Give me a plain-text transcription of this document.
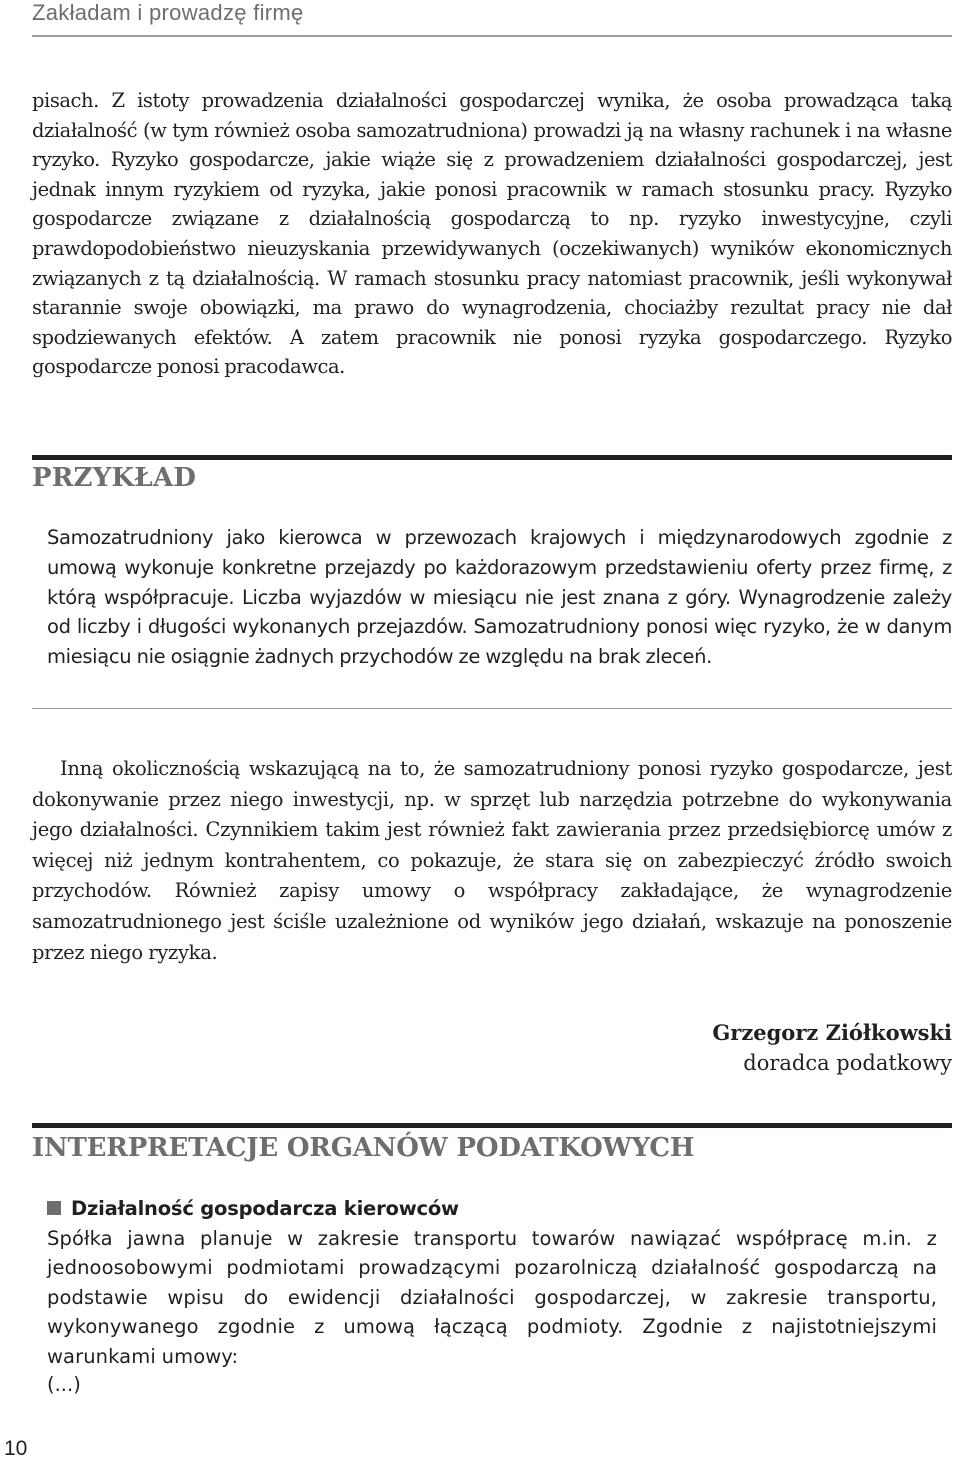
Zakładam i prowadzę firmę

pisach. Z istoty prowadzenia działalności gospodarczej wynika, że osoba prowadząca taką działalność (w tym również osoba samozatrudniona) prowadzi ją na własny rachunek i na własne ryzyko. Ryzyko gospodarcze, jakie wiąże się z prowadzeniem działalności gospodarczej, jest jednak innym ryzykiem od ryzyka, jakie ponosi pracownik w ramach stosunku pracy. Ryzyko gospodarcze związane z działalnością gospodarczą to np. ryzyko inwestycyjne, czyli prawdopodobieństwo nieuzyskania przewidywanych (oczekiwanych) wyników ekonomicznych związanych z tą działalnością. W ramach stosunku pracy natomiast pracownik, jeśli wykonywał starannie swoje obowiązki, ma prawo do wynagrodzenia, chociażby rezultat pracy nie dał spodziewanych efektów. A zatem pracownik nie ponosi ryzyka gospodarczego. Ryzyko gospodarcze ponosi pracodawca.

PRZYKŁAD

Samozatrudniony jako kierowca w przewozach krajowych i międzynarodowych zgodnie z umową wykonuje konkretne przejazdy po każdorazowym przedstawieniu oferty przez firmę, z którą współpracuje. Liczba wyjazdów w miesiącu nie jest znana z góry. Wynagrodzenie zależy od liczby i długości wykonanych przejazdów. Samozatrudniony ponosi więc ryzyko, że w danym miesiącu nie osiągnie żadnych przychodów ze względu na brak zleceń.

Inną okolicznością wskazującą na to, że samozatrudniony ponosi ryzyko gospodarcze, jest dokonywanie przez niego inwestycji, np. w sprzęt lub narzędzia potrzebne do wykonywania jego działalności. Czynnikiem takim jest również fakt zawierania przez przedsiębiorcę umów z więcej niż jednym kontrahentem, co pokazuje, że stara się on zabezpieczyć źródło swoich przychodów. Również zapisy umowy o współpracy zakładające, że wynagrodzenie samozatrudnionego jest ściśle uzależnione od wyników jego działań, wskazuje na ponoszenie przez niego ryzyka.

Grzegorz Ziółkowski
doradca podatkowy
INTERPRETACJE ORGANÓW PODATKOWYCH
Działalność gospodarcza kierowców

Spółka jawna planuje w zakresie transportu towarów nawiązać współpracę m.in. z jednoosobowymi podmiotami prowadzącymi pozarolniczą działalność gospodarczą na podstawie wpisu do ewidencji działalności gospodarczej, w zakresie transportu, wykonywanego zgodnie z umową łączącą podmioty. Zgodnie z najistotniejszymi warunkami umowy:

(...)
10
